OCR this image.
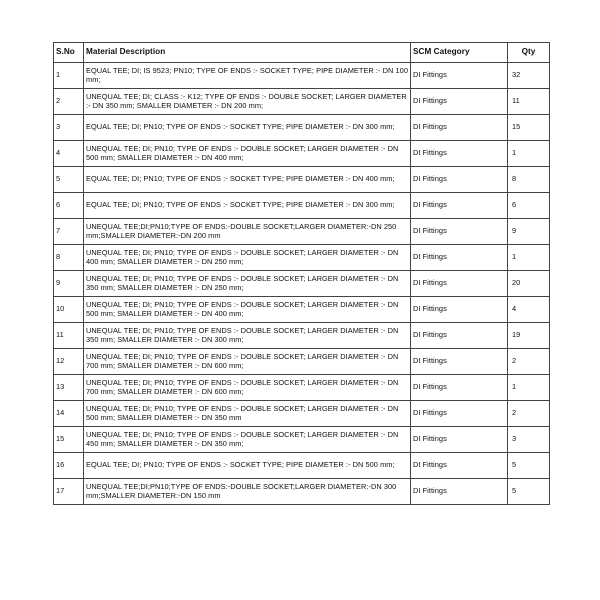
S.No	Material Description	SCM Category	Qty
1	EQUAL TEE; DI; IS 9523; PN10; TYPE OF ENDS :- SOCKET TYPE; PIPE DIAMETER :- DN 100 mm;	DI Fittings	32
2	UNEQUAL TEE; DI; CLASS :- K12; TYPE OF ENDS :- DOUBLE SOCKET; LARGER DIAMETER :- DN 350 mm; SMALLER DIAMETER :- DN 200 mm;	DI Fittings	11
3	EQUAL TEE; DI; PN10; TYPE OF ENDS :- SOCKET TYPE; PIPE DIAMETER :- DN 300 mm;	DI Fittings	15
4	UNEQUAL TEE; DI; PN10; TYPE OF ENDS :- DOUBLE SOCKET; LARGER DIAMETER :- DN 500 mm; SMALLER DIAMETER :- DN 400 mm;	DI Fittings	1
5	EQUAL TEE; DI; PN10; TYPE OF ENDS :- SOCKET TYPE; PIPE DIAMETER :- DN 400 mm;	DI Fittings	8
6	EQUAL TEE; DI; PN10; TYPE OF ENDS :- SOCKET TYPE; PIPE DIAMETER :- DN 300 mm;	DI Fittings	6
7	UNEQUAL TEE;DI;PN10;TYPE OF ENDS:-DOUBLE SOCKET;LARGER DIAMETER:-DN 250 mm;SMALLER DIAMETER:-DN 200 mm	DI Fittings	9
8	UNEQUAL TEE; DI; PN10; TYPE OF ENDS :- DOUBLE SOCKET; LARGER DIAMETER :- DN 400 mm; SMALLER DIAMETER :- DN 250 mm;	DI Fittings	1
9	UNEQUAL TEE; DI; PN10; TYPE OF ENDS :- DOUBLE SOCKET; LARGER DIAMETER :- DN 350 mm; SMALLER DIAMETER :- DN 250 mm;	DI Fittings	20
10	UNEQUAL TEE; DI; PN10; TYPE OF ENDS :- DOUBLE SOCKET; LARGER DIAMETER :- DN 500 mm; SMALLER DIAMETER :- DN 400 mm;	DI Fittings	4
11	UNEQUAL TEE; DI; PN10; TYPE OF ENDS :- DOUBLE SOCKET; LARGER DIAMETER :- DN 350 mm; SMALLER DIAMETER :- DN 300 mm;	DI Fittings	19
12	UNEQUAL TEE; DI; PN10; TYPE OF ENDS :- DOUBLE SOCKET; LARGER DIAMETER :- DN 700 mm; SMALLER DIAMETER :- DN 600 mm;	DI Fittings	2
13	UNEQUAL TEE; DI; PN10; TYPE OF ENDS :- DOUBLE SOCKET; LARGER DIAMETER :- DN 700 mm; SMALLER DIAMETER :- DN 600 mm;	DI Fittings	1
14	UNEQUAL TEE; DI; PN10; TYPE OF ENDS :- DOUBLE SOCKET; LARGER DIAMETER :- DN 500 mm; SMALLER DIAMETER :- DN 350 mm	DI Fittings	2
15	UNEQUAL TEE; DI; PN10; TYPE OF ENDS :- DOUBLE SOCKET; LARGER DIAMETER :- DN 450 mm; SMALLER DIAMETER :- DN 350 mm;	DI Fittings	3
16	EQUAL TEE; DI; PN10; TYPE OF ENDS :- SOCKET TYPE; PIPE DIAMETER :- DN 500 mm;	DI Fittings	5
17	UNEQUAL TEE;DI;PN10;TYPE OF ENDS:-DOUBLE SOCKET;LARGER DIAMETER:-DN 300 mm;SMALLER DIAMETER:-DN 150 mm	DI Fittings	5
